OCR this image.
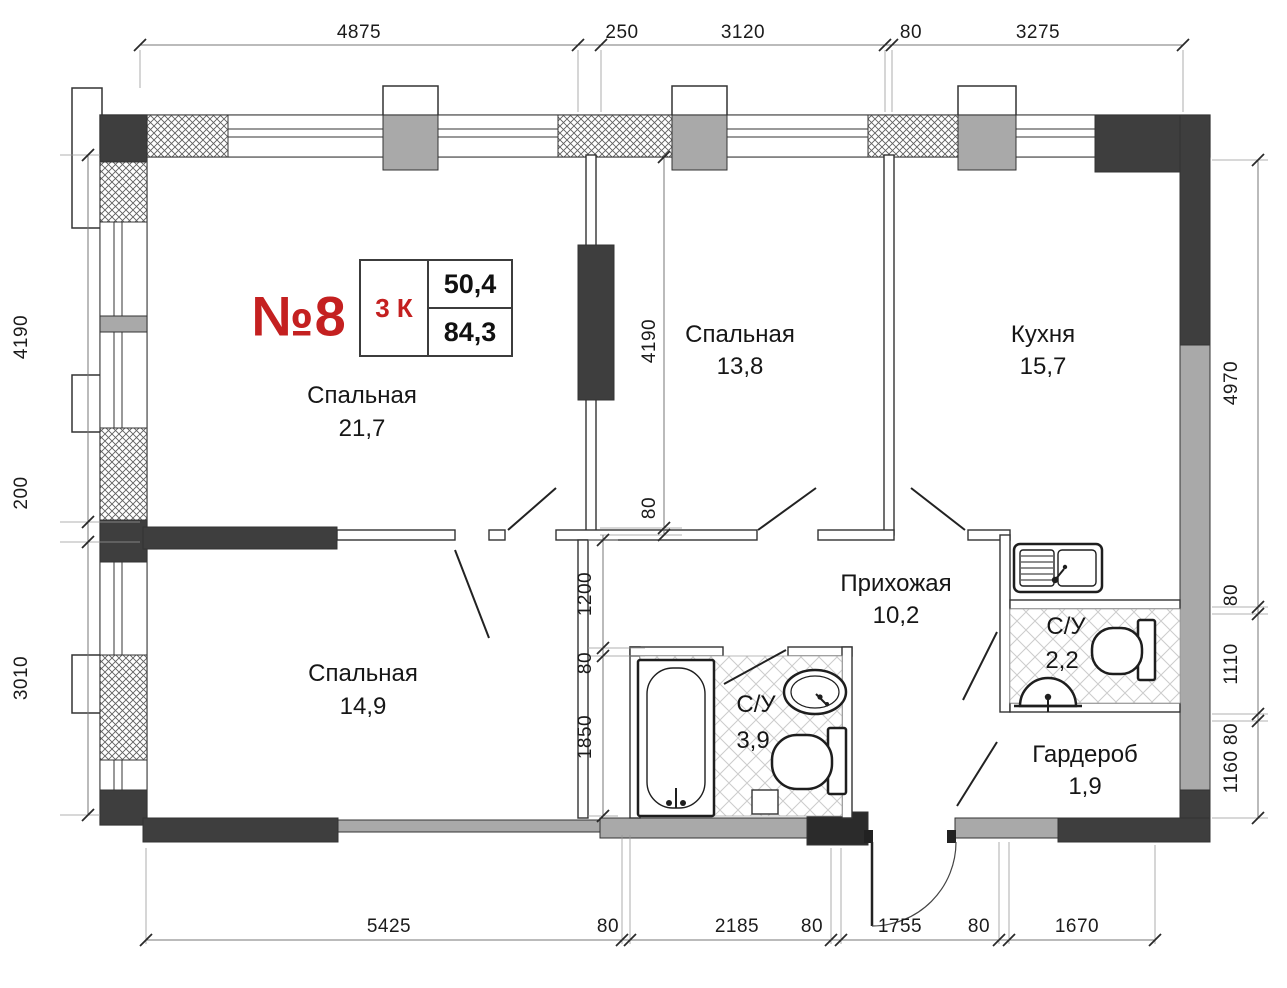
№8	3 К
50,4
84,3
Спальная
21,7
Спальная
13,8
Кухня
15,7
Спальная
14,9
Прихожая
10,2
С/У
3,9
С/У
2,2
Гардероб
1,9
4875	250	3120	80	3275
5425	80	2185 80	1755 80	1670
4190
200
3010
4970
80
1110
80
1160
4190
80
1200
80
1850
